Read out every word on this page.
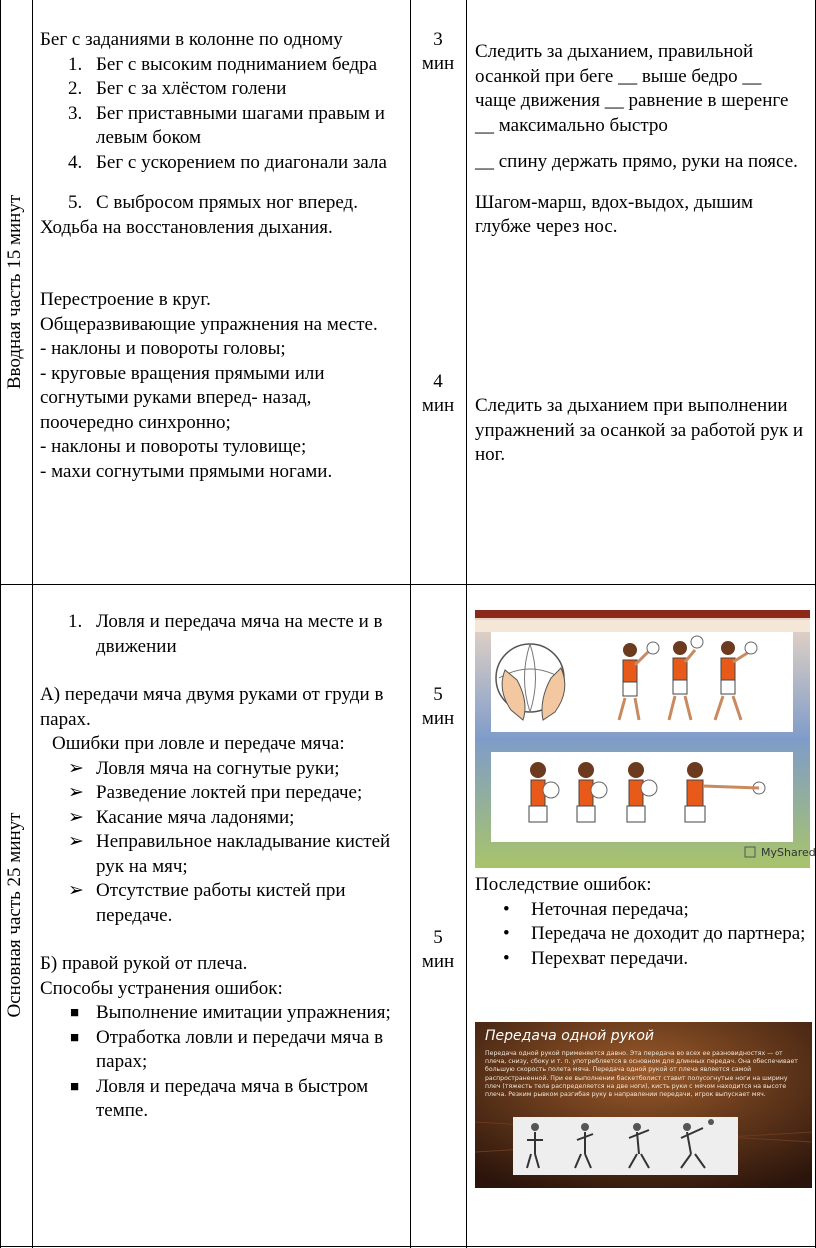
Вводная часть 15 минут

Бег с заданиями в колонне по одному

1. Бег с высоким подниманием бедра
2. Бег с за хлёстом голени
3. Бег приставными шагами правым и левым боком
4. Бег с ускорением по диагонали зала
5. С выбросом прямых ног вперед.

Ходьба на восстановления дыхания.

Перестроение в круг.

Общеразвивающие упражнения на месте.

- наклоны и повороты головы;

- круговые вращения прямыми или согнутыми руками вперед- назад, поочередно синхронно;

- наклоны и повороты туловище;

- махи согнутыми прямыми ногами.

3
мин
4
мин

Следить за дыханием, правильной осанкой при беге __ выше бедро __ чаще движения __ равнение в шеренге __ максимально быстро

__ спину держать прямо, руки на поясе.

Шагом-марш, вдох-выдох, дышим глубже через нос.

Следить за дыханием при выполнении упражнений за осанкой за работой рук и ног.

Основная часть 25 минут
1. Ловля и передача мяча на месте и в движении

А) передачи мяча двумя руками от груди в парах.

Ошибки при ловле и передаче мяча:

➢ Ловля мяча на согнутые руки;
➢ Разведение локтей при передаче;
➢ Касание мяча ладонями;
➢ Неправильное накладывание кистей рук на мяч;
➢ Отсутствие работы кистей при передаче.

Б) правой рукой от плеча.

Способы устранения ошибок:

■ Выполнение имитации упражнения;
■ Отработка ловли и передачи мяча в парах;
■ Ловля и передача мяча в быстром темпе.
5
мин
5
мин
MyShared

Последствие ошибок:

• Неточная передача;
• Передача не доходит до партнера;
• Перехват передачи.
Передача одной рукой
Передача одной рукой применяется давно. Эта передача во всех ее разновидностях — от плеча, снизу, сбоку и т. п. употребляется в основном для длинных передач. Она обеспечивает большую скорость полета мяча. Передача одной рукой от плеча является самой распространенной. При ее выполнении баскетболист ставит полусогнутые ноги на ширину плеч (тяжесть тела распределяется на две ноги), кисть руки с мячом находится на высоте плеча. Резким рывком разгибая руку в направлении передачи, игрок выпускает мяч.
